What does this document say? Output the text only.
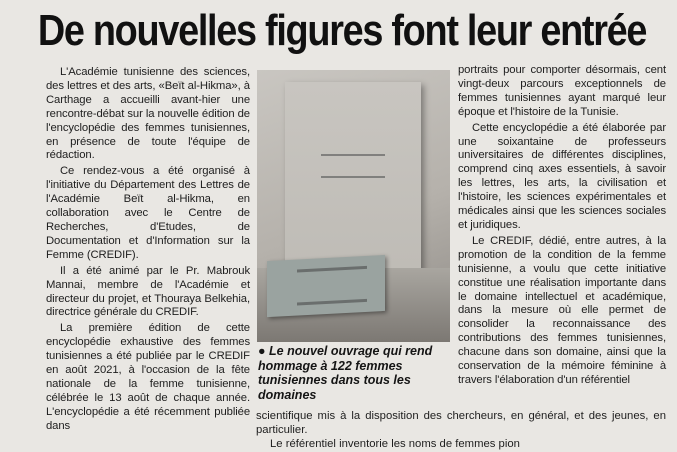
De nouvelles figures font leur entrée

L'Académie tunisienne des sciences, des lettres et des arts, «Beït al-Hikma», à Carthage a accueilli avant-hier une rencontre-débat sur la nouvelle édition de l'encyclopédie des femmes tunisiennes, en présence de toute l'équipe de rédaction.

Ce rendez-vous a été organisé à l'initiative du Département des Lettres de l'Académie Beït al-Hikma, en collaboration avec le Centre de Recherches, d'Etudes, de Documentation et d'Information sur la Femme (CREDIF).

Il a été animé par le Pr. Mabrouk Mannai, membre de l'Académie et directeur du projet, et Thouraya Belkehia, directrice générale du CREDIF.

La première édition de cette encyclopédie exhaustive des femmes tunisiennes a été publiée par le CREDIF en août 2021, à l'occasion de la fête nationale de la femme tunisienne, célébrée le 13 août de chaque année. L'encyclopédie a été récemment publiée dans

● Le nouvel ouvrage qui rend hommage à 122 femmes tunisiennes dans tous les domaines

portraits pour comporter désormais, cent vingt-deux parcours exceptionnels de femmes tunisiennes ayant marqué leur époque et l'histoire de la Tunisie.

Cette encyclopédie a été élaborée par une soixantaine de professeurs universitaires de différentes disciplines, comprend cinq axes essentiels, à savoir les lettres, les arts, la civilisation et l'histoire, les sciences expérimentales et médicales ainsi que les sciences sociales et juridiques.

Le CREDIF, dédié, entre autres, à la promotion de la condition de la femme tunisienne, a voulu que cette initiative constitue une réalisation importante dans le domaine intellectuel et académique, dans la mesure où elle permet de consolider la reconnaissance des contributions des femmes tunisiennes, chacune dans son domaine, ainsi que la conservation de la mémoire féminine à travers l'élaboration d'un référentiel

scientifique mis à la disposition des chercheurs, en général, et des jeunes, en particulier.

Le référentiel inventorie les noms de femmes pion
